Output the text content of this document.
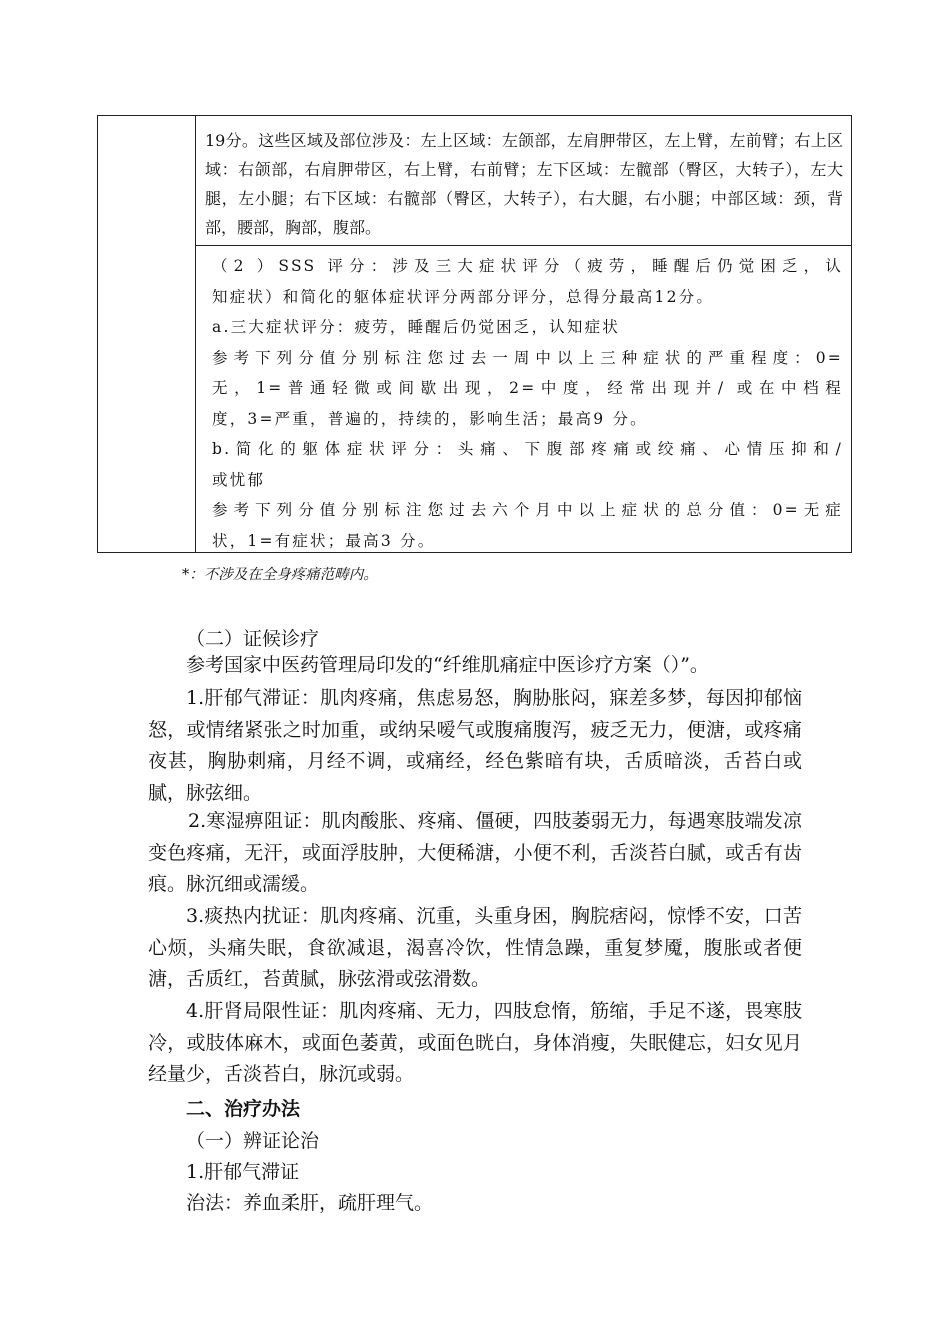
19分。这些区域及部位涉及：左上区域：左颌部，左肩胛带区，左上臂，左前臂；右上区域：右颌部，右肩胛带区，右上臂，右前臂；左下区域：左髋部（臀区，大转子），左大腿，左小腿；右下区域：右髋部（臀区，大转子），右大腿，右小腿；中部区域：颈，背部，腰部，胸部，腹部。

（2 ）SSS 评分：涉及三大症状评分（疲劳，睡醒后仍觉困乏，认

知症状）和简化的躯体症状评分两部分评分，总得分最高12分。

a.三大症状评分：疲劳，睡醒后仍觉困乏，认知症状

参考下列分值分别标注您过去一周中以上三种症状的严重程度：0=

无，1=普通轻微或间歇出现，2=中度，经常出现并/ 或在中档程

度，3=严重，普遍的，持续的，影响生活；最高9 分。

b.简化的躯体症状评分：头痛、下腹部疼痛或绞痛、心情压抑和/

或忧郁

参考下列分值分别标注您过去六个月中以上症状的总分值：0=无症

状，1=有症状；最高3 分。

*：不涉及在全身疼痛范畴内。

（二）证候诊疗

参考国家中医药管理局印发的“纤维肌痛症中医诊疗方案（）”。

1.肝郁气滞证：肌肉疼痛，焦虑易怒，胸胁胀闷，寐差多梦，每因抑郁恼怒，或情绪紧张之时加重，或纳呆嗳气或腹痛腹泻，疲乏无力，便溏，或疼痛夜甚，胸胁刺痛，月经不调，或痛经，经色紫暗有块，舌质暗淡，舌苔白或腻，脉弦细。

2.寒湿痹阻证：肌肉酸胀、疼痛、僵硬，四肢萎弱无力，每遇寒肢端发凉变色疼痛，无汗，或面浮肢肿，大便稀溏，小便不利，舌淡苔白腻，或舌有齿痕。脉沉细或濡缓。

3.痰热内扰证：肌肉疼痛、沉重，头重身困，胸脘痞闷，惊悸不安，口苦心烦，头痛失眠，食欲减退，渴喜冷饮，性情急躁，重复梦魇，腹胀或者便溏，舌质红，苔黄腻，脉弦滑或弦滑数。

4.肝肾局限性证：肌肉疼痛、无力，四肢怠惰，筋缩，手足不遂，畏寒肢冷，或肢体麻木，或面色萎黄，或面色晄白，身体消瘦，失眠健忘，妇女见月经量少，舌淡苔白，脉沉或弱。

二、治疗办法

（一）辨证论治

1.肝郁气滞证

治法：养血柔肝，疏肝理气。
